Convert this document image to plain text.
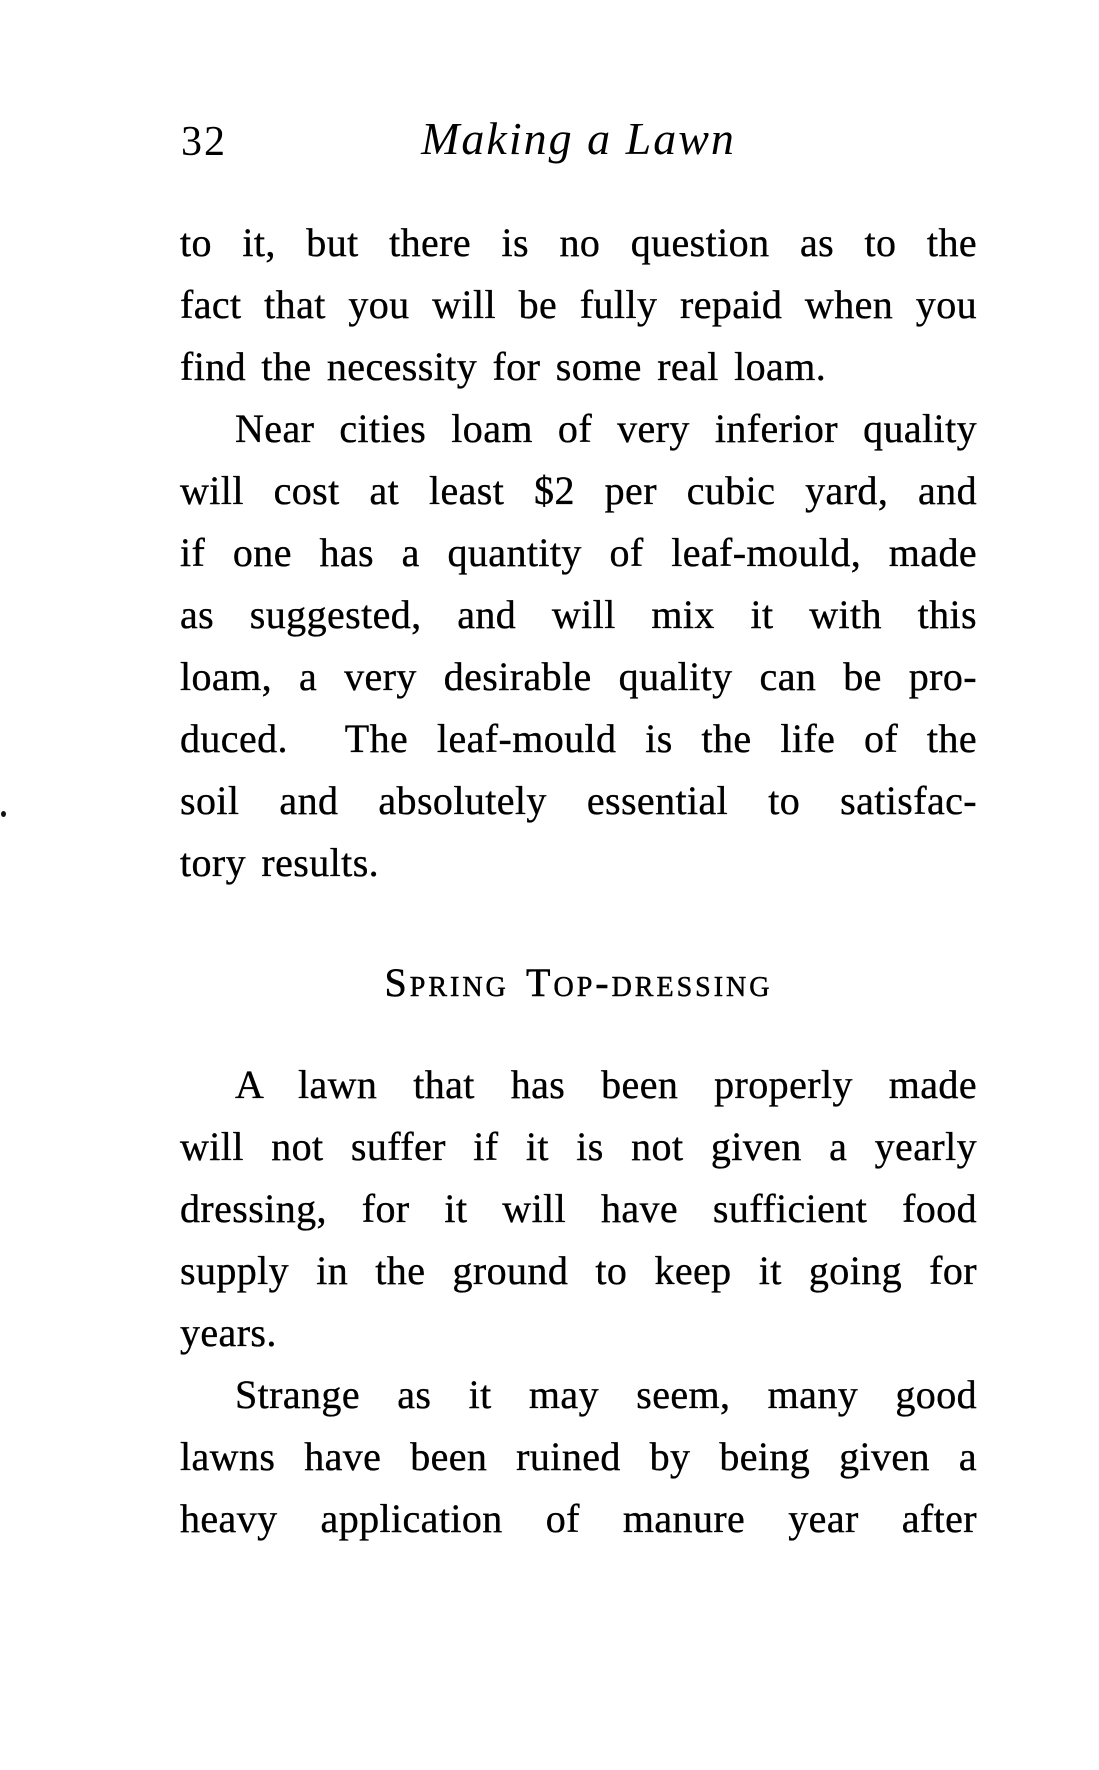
32	Making a Lawn
to it, but there is no question as to the
fact that you will be fully repaid when you
find the necessity for some real loam.
Near cities loam of very inferior quality
will cost at least $2 per cubic yard, and
if one has a quantity of leaf-mould, made
as suggested, and will mix it with this
loam, a very desirable quality can be pro-
duced.  The leaf-mould is the life of the
soil and absolutely essential to satisfac-
tory results.
Spring Top-dressing
A lawn that has been properly made
will not suffer if it is not given a yearly
dressing, for it will have sufficient food
supply in the ground to keep it going for
years.
Strange as it may seem, many good
lawns have been ruined by being given a
heavy application of manure year after
